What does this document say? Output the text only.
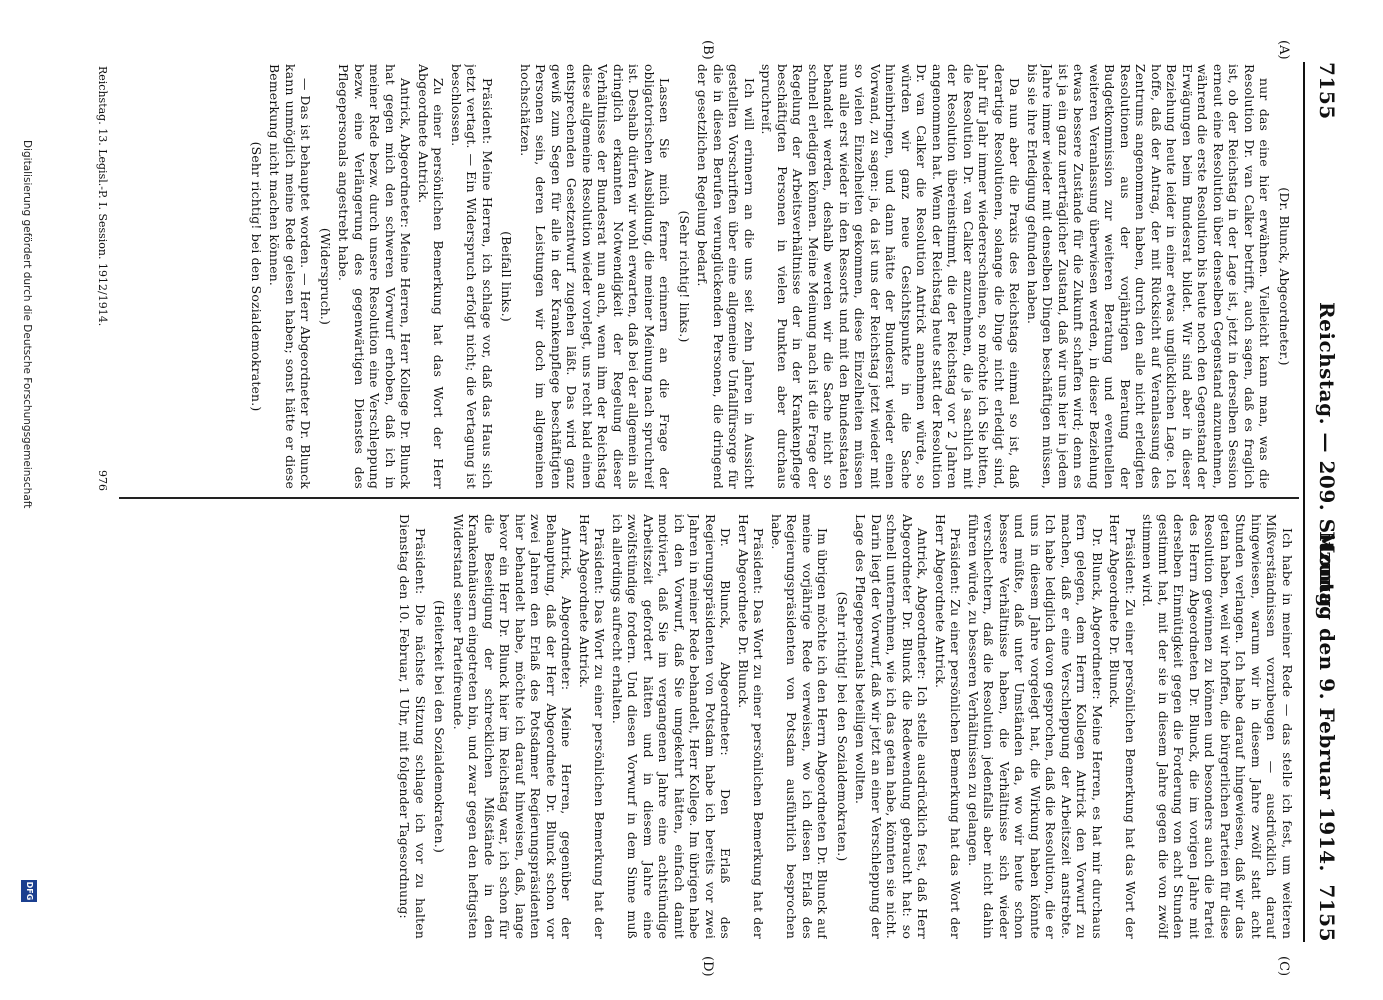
7155
Reichstag. — 209. Sitzung.
Montag den 9. Februar 1914.
7155
(A)
(B)
(C)
(D)

(Dr. Blunck, Abgeordneter.)

nur das eine hier erwähnen. Vielleicht kann man, was die Resolution Dr. van Calker betrifft, auch sagen, daß es fraglich ist, ob der Reichstag in der Lage ist, jetzt in derselben Session erneut eine Resolution über denselben Gegenstand anzunehmen, während die erste Resolution bis heute noch den Gegenstand der Erwägungen beim Bundesrat bildet. Wir sind aber in dieser Beziehung heute leider in einer etwas unglücklichen Lage. Ich hoffe, daß der Antrag, der mit Rücksicht auf Veranlassung des Zentrums angenommen haben, durch den alle nicht erledigten Resolutionen aus der vorjährigen Beratung der Budgetkommission zur weiteren Beratung und eventuellen weiteren Veranlassung überwiesen werden, in dieser Beziehung etwas bessere Zustände für die Zukunft schaffen wird; denn es ist ja ein ganz unerträglicher Zustand, daß wir uns hier in jedem Jahre immer wieder mit denselben Dingen beschäftigen müssen, bis sie ihre Erledigung gefunden haben.

Da nun aber die Praxis des Reichstags einmal so ist, daß derartige Resolutionen, solange die Dinge nicht erledigt sind, Jahr für Jahr immer wiedererscheinen, so möchte ich Sie bitten, die Resolution Dr. van Calker anzunehmen, die ja sachlich mit der Resolution übereinstimmt, die der Reichstag vor 2 Jahren angenommen hat. Wenn der Reichstag heute statt der Resolution Dr. van Calker die Resolution Antrick annehmen würde, so würden wir ganz neue Gesichtspunkte in die Sache hineinbringen, und dann hätte der Bundesrat wieder einen Vorwand, zu sagen: ja, da ist uns der Reichstag jetzt wieder mit so vielen Einzelheiten gekommen, diese Einzelheiten müssen nun alle erst wieder in den Ressorts und mit den Bundesstaaten behandelt werden, deshalb werden wir die Sache nicht so schnell erledigen können. Meine Meinung nach ist die Frage der Regelung der Arbeitsverhältnisse der in der Krankenpflege beschäftigten Personen in vielen Punkten aber durchaus spruchreif.

Ich will erinnern an die uns seit zehn Jahren in Aussicht gestellten Vorschriften über eine allgemeine Unfallfürsorge für die in diesen Berufen verunglückenden Personen, die dringend der gesetzlichen Regelung bedarf.

(Sehr richtig! links.)

Lassen Sie mich ferner erinnern an die Frage der obligatorischen Ausbildung, die meiner Meinung nach spruchreif ist. Deshalb dürfen wir wohl erwarten, daß bei der allgemein als dringlich erkannten Notwendigkeit der Regelung dieser Verhältnisse der Bundesrat nun auch, wenn ihm der Reichstag diese allgemeine Resolution wieder vorlegt, uns recht bald einen entsprechenden Gesetzentwurf zugehen läßt. Das wird ganz gewiß zum Segen für alle in der Krankenpflege beschäftigten Personen sein, deren Leistungen wir doch im allgemeinen hochschätzen.

(Beifall links.)

Präsident: Meine Herren, ich schlage vor, daß das Haus sich jetzt vertagt. — Ein Widerspruch erfolgt nicht; die Vertagung ist beschlossen.

Zu einer persönlichen Bemerkung hat das Wort der Herr Abgeordnete Antrick.

Antrick, Abgeordneter: Meine Herren, Herr Kollege Dr. Blunck hat gegen mich den schweren Vorwurf erhoben, daß ich in meiner Rede bezw. durch unsere Resolution eine Verschleppung bezw. eine Verlängerung des gegenwärtigen Dienstes des Pflegepersonals angestrebt habe.

(Widerspruch.)

— Das ist behauptet worden. — Herr Abgeordneter Dr. Blunck kann unmöglich meine Rede gelesen haben; sonst hätte er diese Bemerkung nicht machen können.

(Sehr richtig! bei den Sozialdemokraten.)

Ich habe in meiner Rede — das stelle ich fest, um weiteren Mißverständnissen vorzubeugen — ausdrücklich darauf hingewiesen, warum wir in diesem Jahre zwölf statt acht Stunden verlangen. Ich habe darauf hingewiesen, daß wir das getan haben, weil wir hoffen, die bürgerlichen Parteien für diese Resolution gewinnen zu können und besonders auch die Partei des Herrn Abgeordneten Dr. Blunck, die im vorigen Jahre mit derselben Einmütigkeit gegen die Forderung von acht Stunden gestimmt hat, mit der sie in diesem Jahre gegen die von zwölf stimmen wird.

Präsident: Zu einer persönlichen Bemerkung hat das Wort der Herr Abgeordnete Dr. Blunck.

Dr. Blunck, Abgeordneter: Meine Herren, es hat mir durchaus fern gelegen, dem Herrn Kollegen Antrick den Vorwurf zu machen, daß er eine Verschleppung der Arbeitszeit anstrebte. Ich habe lediglich davon gesprochen, daß die Resolution, die er uns in diesem Jahre vorgelegt hat, die Wirkung haben könnte und müßte, daß unter Umständen da, wo wir heute schon bessere Verhältnisse haben, die Verhältnisse sich wieder verschlechtern, daß die Resolution jedenfalls aber nicht dahin führen würde, zu besseren Verhältnissen zu gelangen.

Präsident: Zu einer persönlichen Bemerkung hat das Wort der Herr Abgeordnete Antrick.

Antrick, Abgeordneter: Ich stelle ausdrücklich fest, daß Herr Abgeordneter Dr. Blunck die Redewendung gebraucht hat: so schnell unternehmen, wie ich das getan habe, könnten sie nicht. Darin liegt der Vorwurf, daß wir jetzt an einer Verschleppung der Lage des Pflegepersonals beteiligen wollten.

(Sehr richtig! bei den Sozialdemokraten.)

Im übrigen möchte ich den Herrn Abgeordneten Dr. Blunck auf meine vorjährige Rede verweisen, wo ich diesen Erlaß des Regierungspräsidenten von Potsdam ausführlich besprochen habe.

Präsident: Das Wort zu einer persönlichen Bemerkung hat der Herr Abgeordnete Dr. Blunck.

Dr. Blunck, Abgeordneter: Den Erlaß des Regierungspräsidenten von Potsdam habe ich bereits vor zwei Jahren in meiner Rede behandelt, Herr Kollege. Im übrigen habe ich den Vorwurf, daß Sie umgekehrt hätten, einfach damit motiviert, daß Sie im vergangenen Jahre eine achtstündige Arbeitszeit gefordert hätten und in diesem Jahre eine zwölfstündige fordern. Und diesen Vorwurf in dem Sinne muß ich allerdings aufrecht erhalten.

Präsident: Das Wort zu einer persönlichen Bemerkung hat der Herr Abgeordnete Antrick.

Antrick, Abgeordneter: Meine Herren, gegenüber der Behauptung, daß der Herr Abgeordnete Dr. Blunck schon vor zwei Jahren den Erlaß des Potsdamer Regierungspräsidenten hier behandelt habe, möchte ich darauf hinweisen, daß, lange bevor ein Herr Dr. Blunck hier im Reichstag war, ich schon für die Beseitigung der schrecklichen Mißstände in den Krankenhäusern eingetreten bin, und zwar gegen den heftigsten Widerstand seiner Parteifreunde.

(Heiterkeit bei den Sozialdemokraten.)

Präsident: Die nächste Sitzung schlage ich vor zu halten Dienstag den 10. Februar, 1 Uhr, mit folgender Tagesordnung:

Reichstag. 13. Legisl.-P. I. Session. 1912/1914.
976
Digitalisierung gefördert durch die Deutsche Forschungsgemeinschaft
DFG
